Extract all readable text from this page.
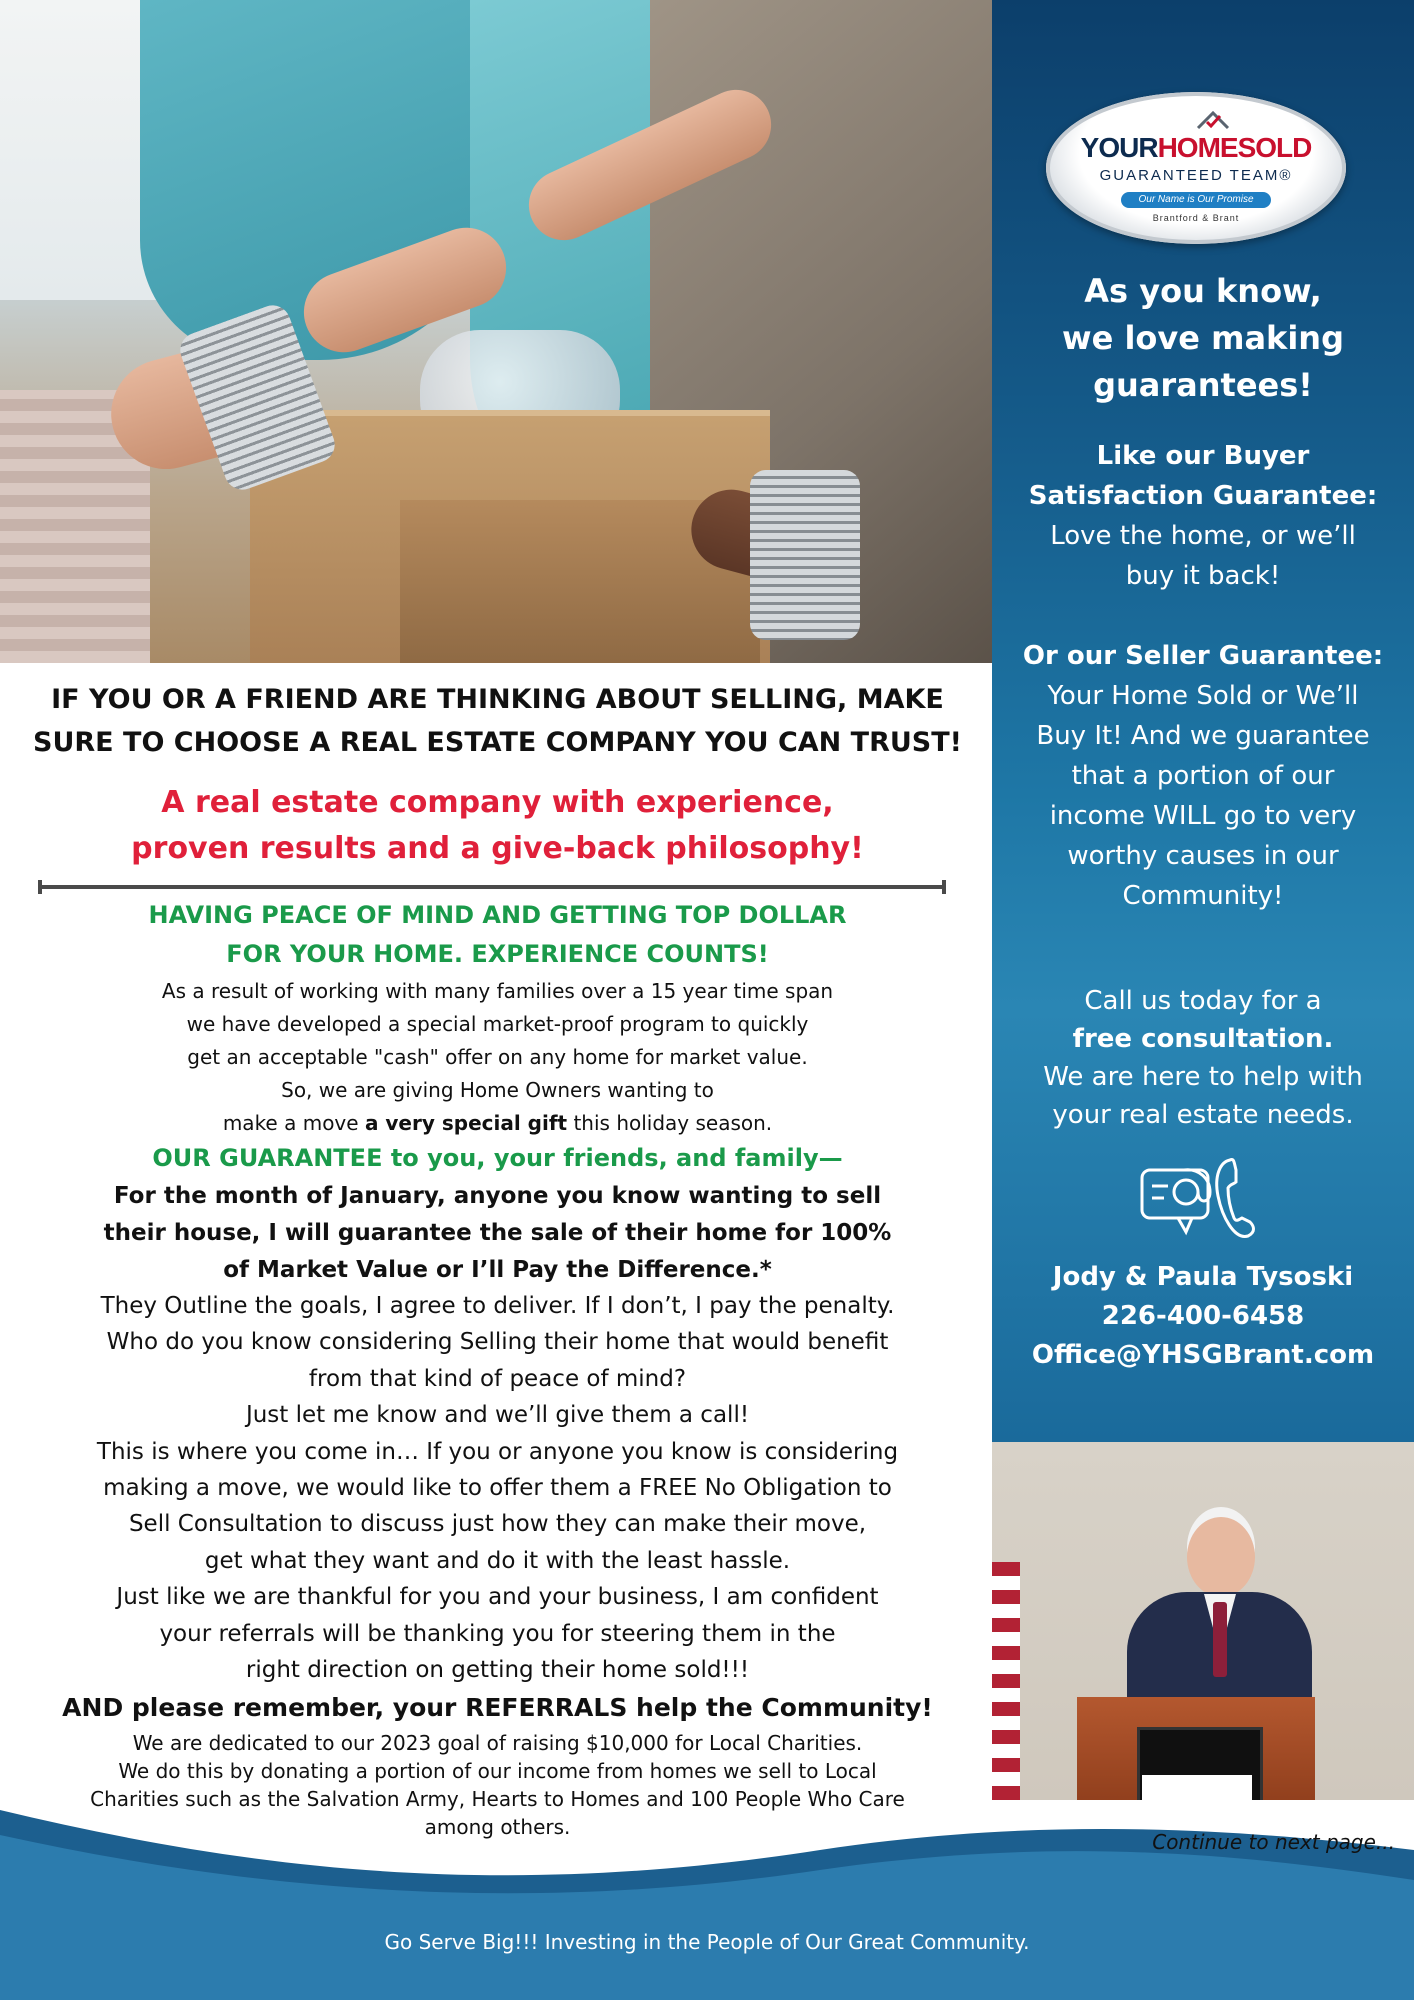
YOURHOMESOLD
GUARANTEED TEAM®
Our Name is Our Promise
Brantford & Brant
As you know,
we love making
guarantees!
Like our Buyer
Satisfaction Guarantee:
Love the home, or we’ll
buy it back!
Or our Seller Guarantee:
Your Home Sold or We’ll
Buy It! And we guarantee
that a portion of our
income WILL go to very
worthy causes in our
Community!
Call us today for a
free consultation.
We are here to help with
your real estate needs.
Jody & Paula Tysoski
226-400-6458
Office@YHSGBrant.com
IF YOU OR A FRIEND ARE THINKING ABOUT SELLING, MAKE
SURE TO CHOOSE A REAL ESTATE COMPANY YOU CAN TRUST!
A real estate company with experience,
proven results and a give-back philosophy!
HAVING PEACE OF MIND AND GETTING TOP DOLLAR
FOR YOUR HOME. EXPERIENCE COUNTS!
As a result of working with many families over a 15 year time span
we have developed a special market-proof program to quickly
get an acceptable "cash" offer on any home for market value.
So, we are giving Home Owners wanting to
make a move a very special gift this holiday season.
OUR GUARANTEE to you, your friends, and family—
For the month of January, anyone you know wanting to sell
their house, I will guarantee the sale of their home for 100%
of Market Value or I’ll Pay the Difference.*
They Outline the goals, I agree to deliver. If I don’t, I pay the penalty.
Who do you know considering Selling their home that would benefit
from that kind of peace of mind?
Just let me know and we’ll give them a call!
This is where you come in… If you or anyone you know is considering
making a move, we would like to offer them a FREE No Obligation to
Sell Consultation to discuss just how they can make their move,
get what they want and do it with the least hassle.
Just like we are thankful for you and your business, I am confident
your referrals will be thanking you for steering them in the
right direction on getting their home sold!!!
AND please remember, your REFERRALS help the Community!
We are dedicated to our 2023 goal of raising $10,000 for Local Charities.
We do this by donating a portion of our income from homes we sell to Local
Charities such as the Salvation Army, Hearts to Homes and 100 People Who Care
among others.
Continue to next page...
Go Serve Big!!! Investing in the People of Our Great Community.
